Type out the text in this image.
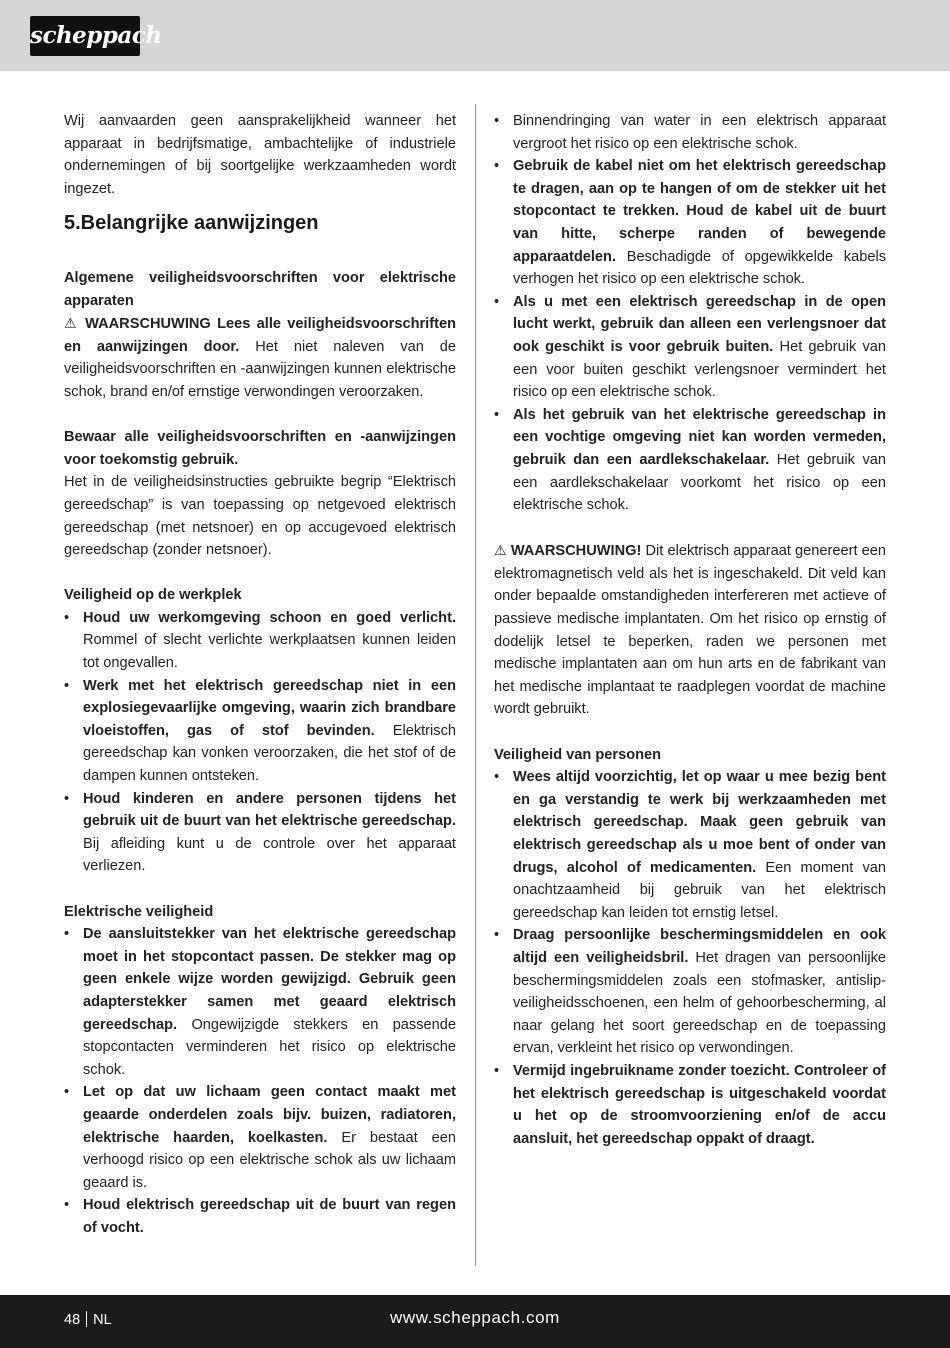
scheppach

Wij aanvaarden geen aansprakelijkheid wanneer het apparaat in bedrijfsmatige, ambachtelijke of industriele ondernemingen of bij soortgelijke werkzaamheden wordt ingezet.

5.Belangrijke aanwijzingen

Algemene veiligheidsvoorschriften voor elektrische apparaten

⚠ WAARSCHUWING Lees alle veiligheidsvoorschriften en aanwijzingen door. Het niet naleven van de veiligheidsvoorschriften en -aanwijzingen kunnen elektrische schok, brand en/of ernstige verwondingen veroorzaken.

Bewaar alle veiligheidsvoorschriften en -aanwijzingen voor toekomstig gebruik.

Het in de veiligheidsinstructies gebruikte begrip “Elektrisch gereedschap” is van toepassing op netgevoed elektrisch gereedschap (met netsnoer) en op accugevoed elektrisch gereedschap (zonder netsnoer).

Veiligheid op de werkplek

• Houd uw werkomgeving schoon en goed verlicht. Rommel of slecht verlichte werkplaatsen kunnen leiden tot ongevallen.
• Werk met het elektrisch gereedschap niet in een explosiegevaarlijke omgeving, waarin zich brandbare vloeistoffen, gas of stof bevinden. Elektrisch gereedschap kan vonken veroorzaken, die het stof of de dampen kunnen ontsteken.
• Houd kinderen en andere personen tijdens het gebruik uit de buurt van het elektrische gereedschap. Bij afleiding kunt u de controle over het apparaat verliezen.

Elektrische veiligheid

• De aansluitstekker van het elektrische gereedschap moet in het stopcontact passen. De stekker mag op geen enkele wijze worden gewijzigd. Gebruik geen adapterstekker samen met geaard elektrisch gereedschap. Ongewijzigde stekkers en passende stopcontacten verminderen het risico op elektrische schok.
• Let op dat uw lichaam geen contact maakt met geaarde onderdelen zoals bijv. buizen, radiatoren, elektrische haarden, koelkasten. Er bestaat een verhoogd risico op een elektrische schok als uw lichaam geaard is.
• Houd elektrisch gereedschap uit de buurt van regen of vocht.
• Binnendringing van water in een elektrisch apparaat vergroot het risico op een elektrische schok.
• Gebruik de kabel niet om het elektrisch gereedschap te dragen, aan op te hangen of om de stekker uit het stopcontact te trekken. Houd de kabel uit de buurt van hitte, scherpe randen of bewegende apparaatdelen. Beschadigde of opgewikkelde kabels verhogen het risico op een elektrische schok.
• Als u met een elektrisch gereedschap in de open lucht werkt, gebruik dan alleen een verlengsnoer dat ook geschikt is voor gebruik buiten. Het gebruik van een voor buiten geschikt verlengsnoer vermindert het risico op een elektrische schok.
• Als het gebruik van het elektrische gereedschap in een vochtige omgeving niet kan worden vermeden, gebruik dan een aardlekschakelaar. Het gebruik van een aardlekschakelaar voorkomt het risico op een elektrische schok.

⚠ WAARSCHUWING! Dit elektrisch apparaat genereert een elektromagnetisch veld als het is ingeschakeld. Dit veld kan onder bepaalde omstandigheden interfereren met actieve of passieve medische implantaten. Om het risico op ernstig of dodelijk letsel te beperken, raden we personen met medische implantaten aan om hun arts en de fabrikant van het medische implantaat te raadplegen voordat de machine wordt gebruikt.

Veiligheid van personen

• Wees altijd voorzichtig, let op waar u mee bezig bent en ga verstandig te werk bij werkzaamheden met elektrisch gereedschap. Maak geen gebruik van elektrisch gereedschap als u moe bent of onder van drugs, alcohol of medicamenten. Een moment van onachtzaamheid bij gebruik van het elektrisch gereedschap kan leiden tot ernstig letsel.
• Draag persoonlijke beschermingsmiddelen en ook altijd een veiligheidsbril. Het dragen van persoonlijke beschermingsmiddelen zoals een stofmasker, antislip-veiligheidsschoenen, een helm of gehoorbescherming, al naar gelang het soort gereedschap en de toepassing ervan, verkleint het risico op verwondingen.
• Vermijd ingebruikname zonder toezicht. Controleer of het elektrisch gereedschap is uitgeschakeld voordat u het op de stroomvoorziening en/of de accu aansluit, het gereedschap oppakt of draagt.
48 NL	www.scheppach.com
